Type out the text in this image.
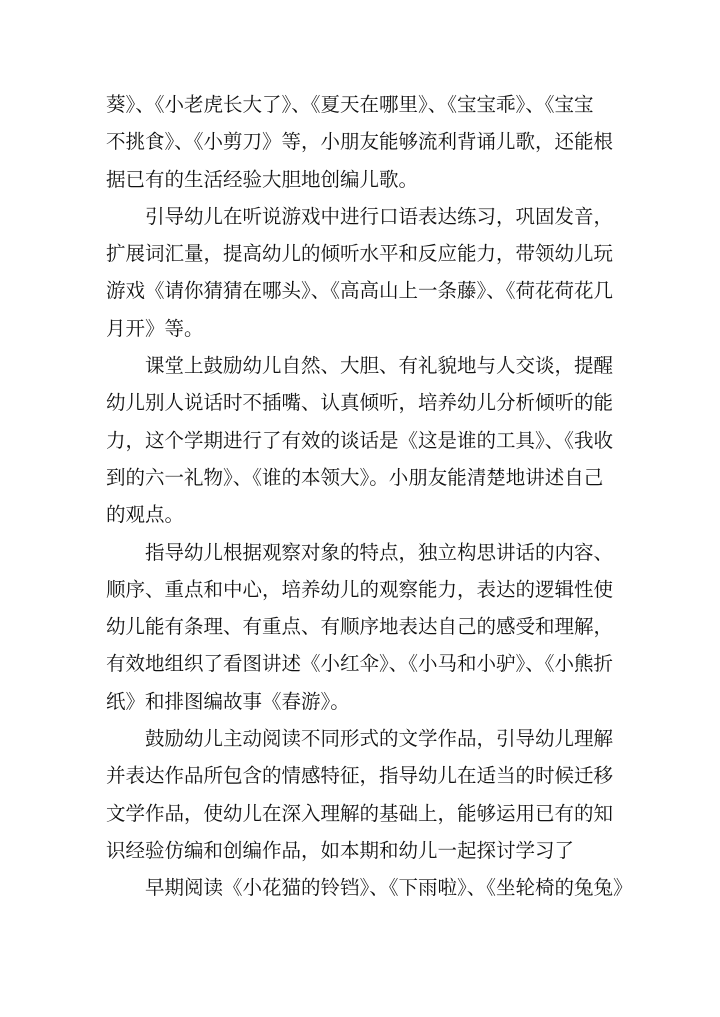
葵》、《小老虎长大了》、《夏天在哪里》、《宝宝乖》、《宝宝
不挑食》、《小剪刀》等，小朋友能够流利背诵儿歌，还能根
据已有的生活经验大胆地创编儿歌。
引导幼儿在听说游戏中进行口语表达练习，巩固发音，
扩展词汇量，提高幼儿的倾听水平和反应能力，带领幼儿玩
游戏《请你猜猜在哪头》、《高高山上一条藤》、《荷花荷花几
月开》等。
课堂上鼓励幼儿自然、大胆、有礼貌地与人交谈，提醒
幼儿别人说话时不插嘴、认真倾听，培养幼儿分析倾听的能
力，这个学期进行了有效的谈话是《这是谁的工具》、《我收
到的六一礼物》、《谁的本领大》。小朋友能清楚地讲述自己
的观点。
指导幼儿根据观察对象的特点，独立构思讲话的内容、
顺序、重点和中心，培养幼儿的观察能力，表达的逻辑性使
幼儿能有条理、有重点、有顺序地表达自己的感受和理解，
有效地组织了看图讲述《小红伞》、《小马和小驴》、《小熊折
纸》和排图编故事《春游》。
鼓励幼儿主动阅读不同形式的文学作品，引导幼儿理解
并表达作品所包含的情感特征，指导幼儿在适当的时候迁移
文学作品，使幼儿在深入理解的基础上，能够运用已有的知
识经验仿编和创编作品，如本期和幼儿一起探讨学习了
早期阅读《小花猫的铃铛》、《下雨啦》、《坐轮椅的兔兔》
